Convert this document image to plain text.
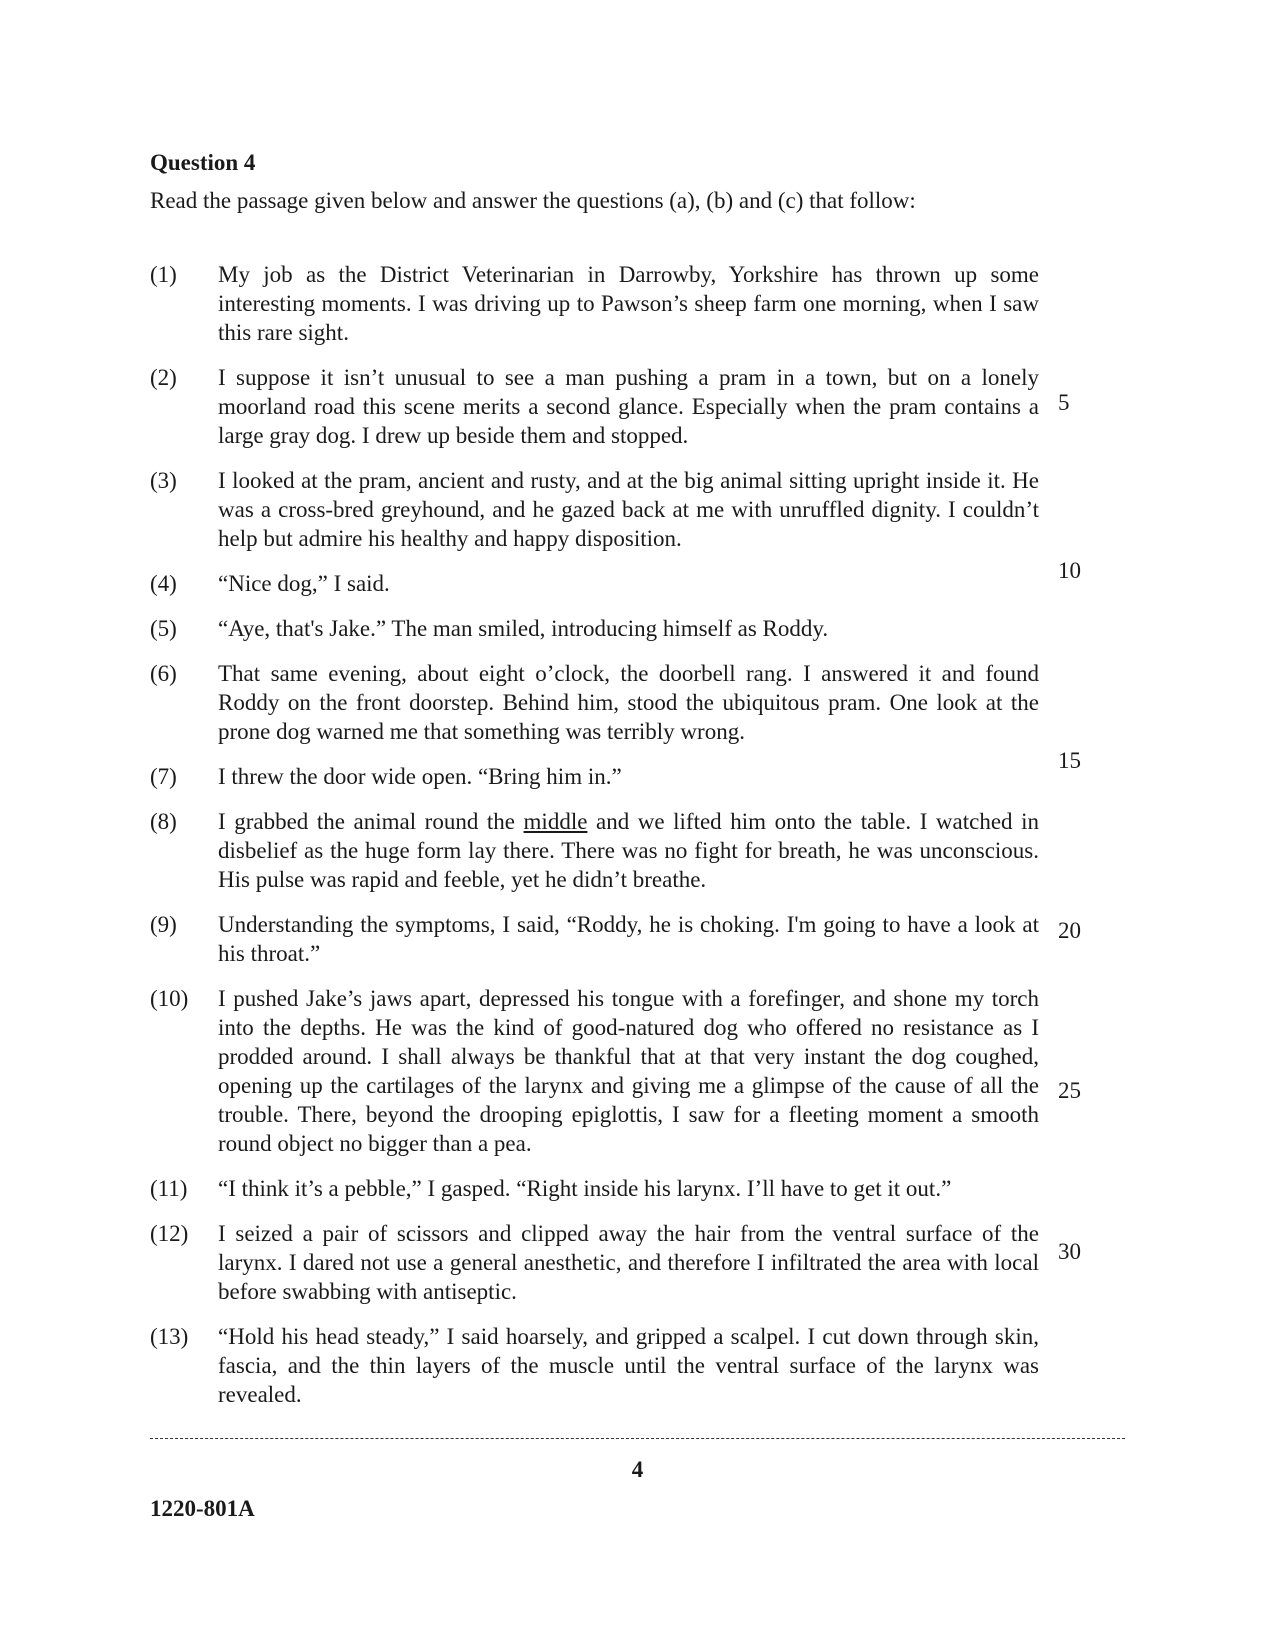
Question 4
Read the passage given below and answer the questions (a), (b) and (c) that follow:
(1)	My job as the District Veterinarian in Darrowby, Yorkshire has thrown up some interesting moments. I was driving up to Pawson’s sheep farm one morning, when I saw this rare sight.
(2)	I suppose it isn’t unusual to see a man pushing a pram in a town, but on a lonely moorland road this scene merits a second glance. Especially when the pram contains a large gray dog. I drew up beside them and stopped.
(3)	I looked at the pram, ancient and rusty, and at the big animal sitting upright inside it. He was a cross-bred greyhound, and he gazed back at me with unruffled dignity. I couldn’t help but admire his healthy and happy disposition.
(4)	“Nice dog,” I said.
(5)	“Aye, that's Jake.” The man smiled, introducing himself as Roddy.
(6)	That same evening, about eight o’clock, the doorbell rang. I answered it and found Roddy on the front doorstep. Behind him, stood the ubiquitous pram. One look at the prone dog warned me that something was terribly wrong.
(7)	I threw the door wide open. “Bring him in.”
(8)	I grabbed the animal round the middle and we lifted him onto the table. I watched in disbelief as the huge form lay there. There was no fight for breath, he was unconscious. His pulse was rapid and feeble, yet he didn’t breathe.
(9)	Understanding the symptoms, I said, “Roddy, he is choking. I'm going to have a look at his throat.”
(10)	I pushed Jake’s jaws apart, depressed his tongue with a forefinger, and shone my torch into the depths. He was the kind of good-natured dog who offered no resistance as I prodded around. I shall always be thankful that at that very instant the dog coughed, opening up the cartilages of the larynx and giving me a glimpse of the cause of all the trouble. There, beyond the drooping epiglottis, I saw for a fleeting moment a smooth round object no bigger than a pea.
(11)	“I think it’s a pebble,” I gasped. “Right inside his larynx. I’ll have to get it out.”
(12)	I seized a pair of scissors and clipped away the hair from the ventral surface of the larynx. I dared not use a general anesthetic, and therefore I infiltrated the area with local before swabbing with antiseptic.
(13)	“Hold his head steady,” I said hoarsely, and gripped a scalpel. I cut down through skin, fascia, and the thin layers of the muscle until the ventral surface of the larynx was revealed.
5
10
15
20
25
30
4
1220-801A
